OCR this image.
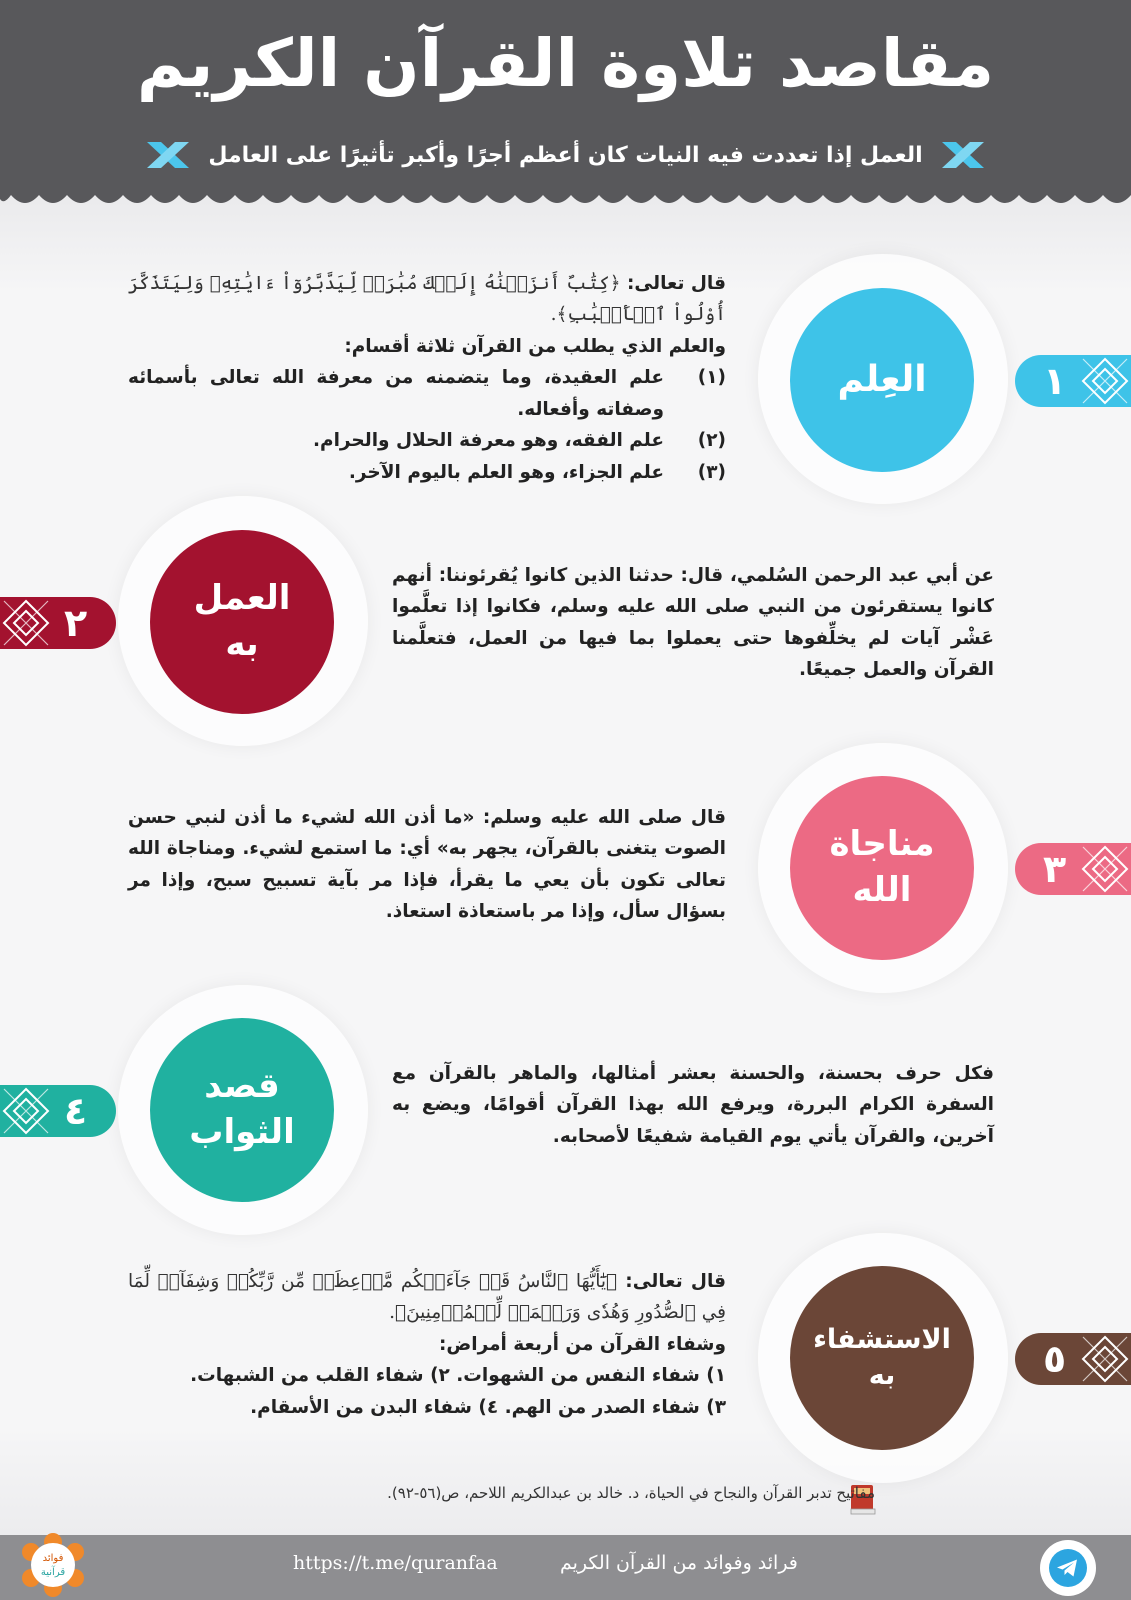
مقاصد تلاوة القرآن الكريم
العمل إذا تعددت فيه النيات كان أعظم أجرًا وأكبر تأثيرًا على العامل
العِلم	١

قال تعالى: ﴿كِتَٰبٌ أَنزَلۡنَٰهُ إِلَيۡكَ مُبَٰرَكٞ لِّيَدَّبَّرُوٓاْ ءَايَٰتِهِۦ وَلِيَتَذَكَّرَ أُوْلُواْ ٱلۡأَلۡبَٰبِ﴾.

والعلم الذي يطلب من القرآن ثلاثة أقسام:

(١)
علم العقيدة، وما يتضمنه من معرفة الله تعالى بأسمائه وصفاته وأفعاله.
(٢)
علم الفقه، وهو معرفة الحلال والحرام.
(٣)
علم الجزاء، وهو العلم باليوم الآخر.
العمل
به
٢

عن أبي عبد الرحمن السُلمي، قال: حدثنا الذين كانوا يُقرئوننا: أنهم كانوا يستقرئون من النبي صلى الله عليه وسلم، فكانوا إذا تعلَّموا عَشْر آيات لم يخلِّفوها حتى يعملوا بما فيها من العمل، فتعلَّمنا القرآن والعمل جميعًا.

مناجاة
الله	٣

قال صلى الله عليه وسلم: «ما أذن الله لشيء ما أذن لنبي حسن الصوت يتغنى بالقرآن، يجهر به» أي: ما استمع لشيء. ومناجاة الله تعالى تكون بأن يعي ما يقرأ، فإذا مر بآية تسبيح سبح، وإذا مر بسؤال سأل، وإذا مر باستعاذة استعاذ.

قصد
الثواب
٤

فكل حرف بحسنة، والحسنة بعشر أمثالها، والماهر بالقرآن مع السفرة الكرام البررة، ويرفع الله بهذا القرآن أقوامًا، ويضع به آخرين، والقرآن يأتي يوم القيامة شفيعًا لأصحابه.

الاستشفاء
به	٥

قال تعالى: ﴿يَٰٓأَيُّهَا ٱلنَّاسُ قَدۡ جَآءَتۡكُم مَّوۡعِظَةٞ مِّن رَّبِّكُمۡ وَشِفَآءٞ لِّمَا فِي ٱلصُّدُورِ وَهُدٗى وَرَحۡمَةٞ لِّلۡمُؤۡمِنِينَ﴾.

وشفاء القرآن من أربعة أمراض:

١) شفاء النفس من الشهوات. ٢) شفاء القلب من الشبهات.

٣) شفاء الصدر من الهم. ٤) شفاء البدن من الأسقام.

مفاتيح تدبر القرآن والنجاح في الحياة، د. خالد بن عبدالكريم اللاحم، ص(٥٦-٩٢).
فوائد
قرآنية	https://t.me/quranfaa	فرائد وفوائد من القرآن الكريم
